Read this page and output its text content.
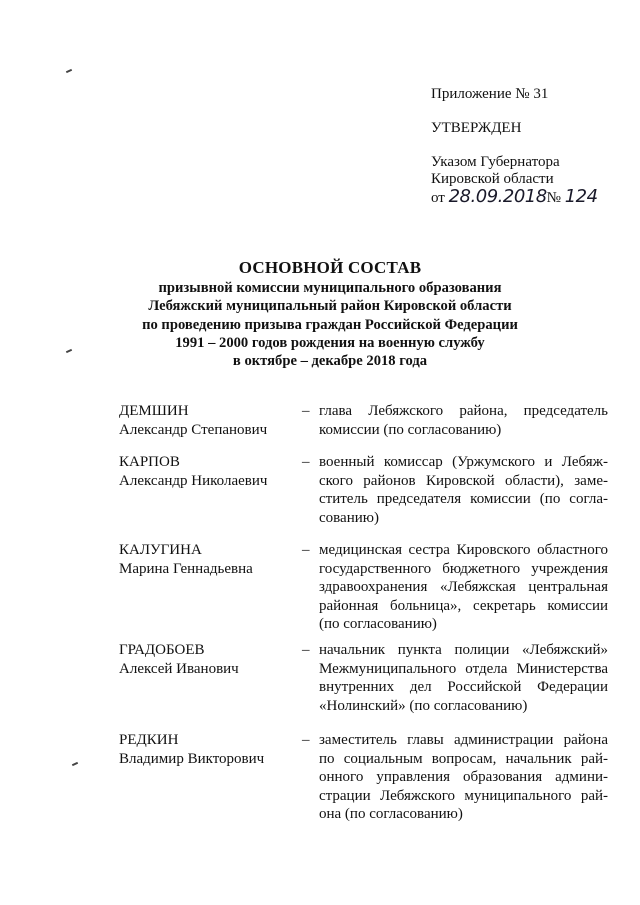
Приложение № 31
УТВЕРЖДЕН
Указом Губернатора
Кировской области
от 28.09.2018№ 124
ОСНОВНОЙ СОСТАВ
призывной комиссии муниципального образования
Лебяжский муниципальный район Кировской области
по проведению призыва граждан Российской Федерации
1991 – 2000 годов рождения на военную службу
в октябре – декабре 2018 года
ДЕМШИН
Александр Степанович
– глава Лебяжского района, председатель
комиссии (по согласованию)
КАРПОВ
Александр Николаевич
– военный комиссар (Уржумского и Лебяж-
ского районов Кировской области), заме-
ститель председателя комиссии (по согла-
сованию)
КАЛУГИНА
Марина Геннадьевна
– медицинская сестра Кировского областного
государственного бюджетного учреждения
здравоохранения «Лебяжская центральная
районная больница», секретарь комиссии
(по согласованию)
ГРАДОБОЕВ
Алексей Иванович
– начальник пункта полиции «Лебяжский»
Межмуниципального отдела Министерства
внутренних дел Российской Федерации
«Нолинский» (по согласованию)
РЕДКИН
Владимир Викторович
– заместитель главы администрации района
по социальным вопросам, начальник рай-
онного управления образования админи-
страции Лебяжского муниципального рай-
она (по согласованию)
